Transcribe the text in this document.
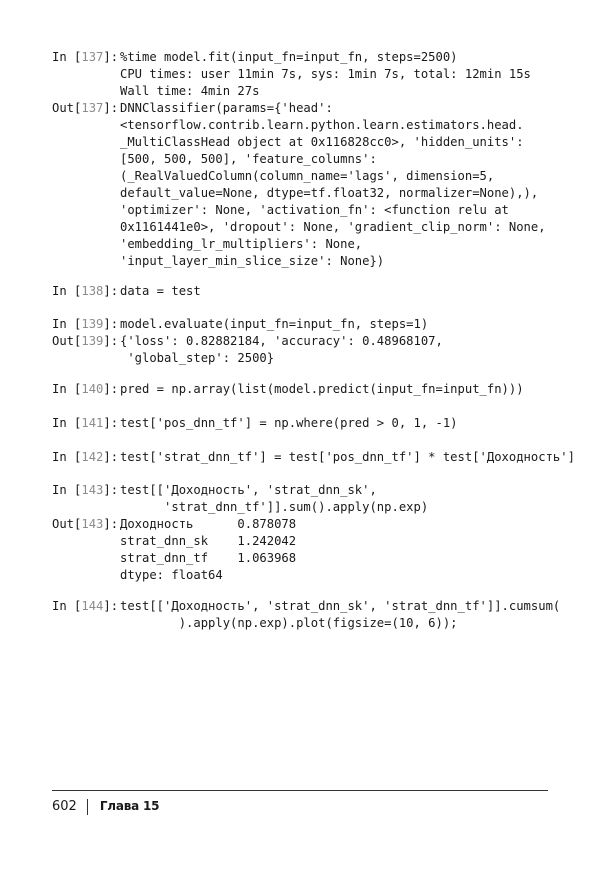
In [137]: %time model.fit(input_fn=input_fn, steps=2500)
CPU times: user 11min 7s, sys: 1min 7s, total: 12min 15s
Wall time: 4min 27s
Out[137]: DNNClassifier(params={'head':
<tensorflow.contrib.learn.python.learn.estimators.head.
_MultiClassHead object at 0x116828cc0>, 'hidden_units':
[500, 500, 500], 'feature_columns':
(_RealValuedColumn(column_name='lags', dimension=5,
default_value=None, dtype=tf.float32, normalizer=None),),
'optimizer': None, 'activation_fn': <function relu at
0x1161441e0>, 'dropout': None, 'gradient_clip_norm': None,
'embedding_lr_multipliers': None,
'input_layer_min_slice_size': None})
In [138]: data = test
In [139]: model.evaluate(input_fn=input_fn, steps=1)
Out[139]: {'loss': 0.82882184, 'accuracy': 0.48968107,
'global_step': 2500}
In [140]: pred = np.array(list(model.predict(input_fn=input_fn)))
In [141]: test['pos_dnn_tf'] = np.where(pred > 0, 1, -1)
In [142]: test['strat_dnn_tf'] = test['pos_dnn_tf'] * test['Доходность']
In [143]: test[['Доходность', 'strat_dnn_sk',
'strat_dnn_tf']].sum().apply(np.exp)
Out[143]: Доходность      0.878078
strat_dnn_sk    1.242042
strat_dnn_tf    1.063968
dtype: float64
In [144]: test[['Доходность', 'strat_dnn_sk', 'strat_dnn_tf']].cumsum(
).apply(np.exp).plot(figsize=(10, 6));
602 Глава 15
